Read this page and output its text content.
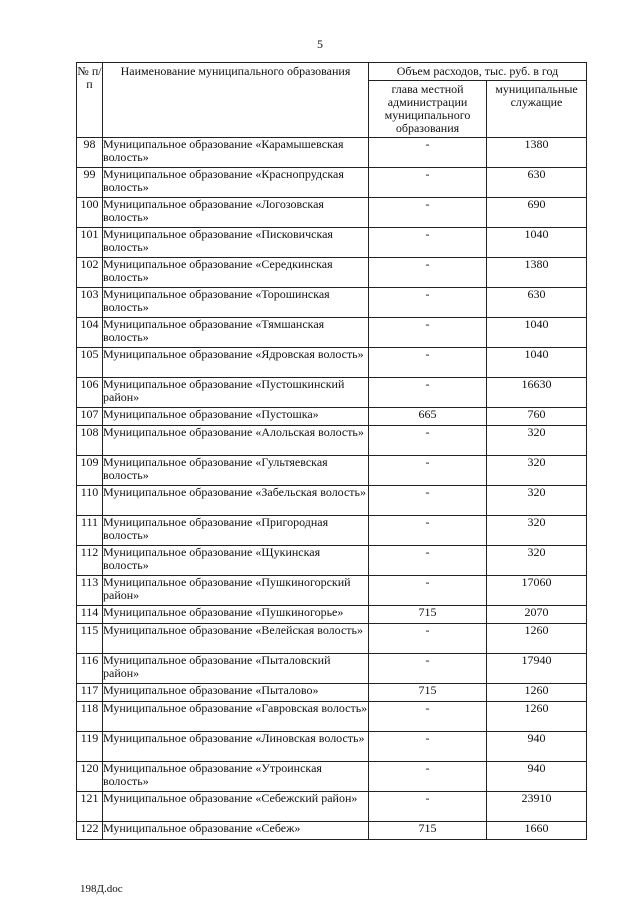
5
№ п/п	Наименование муниципального образования	Объем расходов, тыс. руб. в год	
		глава местной администрации муниципального образования	муниципальные служащие
98	Муниципальное образование «Карамышевская волость»	-	1380
99	Муниципальное образование «Краснопрудская волость»	-	630
100	Муниципальное образование «Логозовская волость»	-	690
101	Муниципальное образование «Писковичская волость»	-	1040
102	Муниципальное образование «Середкинская волость»	-	1380
103	Муниципальное образование «Торошинская волость»	-	630
104	Муниципальное образование «Тямшанская волость»	-	1040
105	Муниципальное образование «Ядровская волость»	-	1040
106	Муниципальное образование «Пустошкинский район»	-	16630
107	Муниципальное образование «Пустошка»	665	760
108	Муниципальное образование «Алольская волость»	-	320
109	Муниципальное образование «Гультяевская волость»	-	320
110	Муниципальное образование «Забельская волость»	-	320
111	Муниципальное образование «Пригородная волость»	-	320
112	Муниципальное образование «Щукинская волость»	-	320
113	Муниципальное образование «Пушкиногорский район»	-	17060
114	Муниципальное образование «Пушкиногорье»	715	2070
115	Муниципальное образование «Велейская волость»	-	1260
116	Муниципальное образование «Пыталовский район»	-	17940
117	Муниципальное образование «Пыталово»	715	1260
118	Муниципальное образование «Гавровская волость»	-	1260
119	Муниципальное образование «Линовская волость»	-	940
120	Муниципальное образование «Утроинская волость»	-	940
121	Муниципальное образование «Себежский район»	-	23910
122	Муниципальное образование «Себеж»	715	1660
198Д.doc
